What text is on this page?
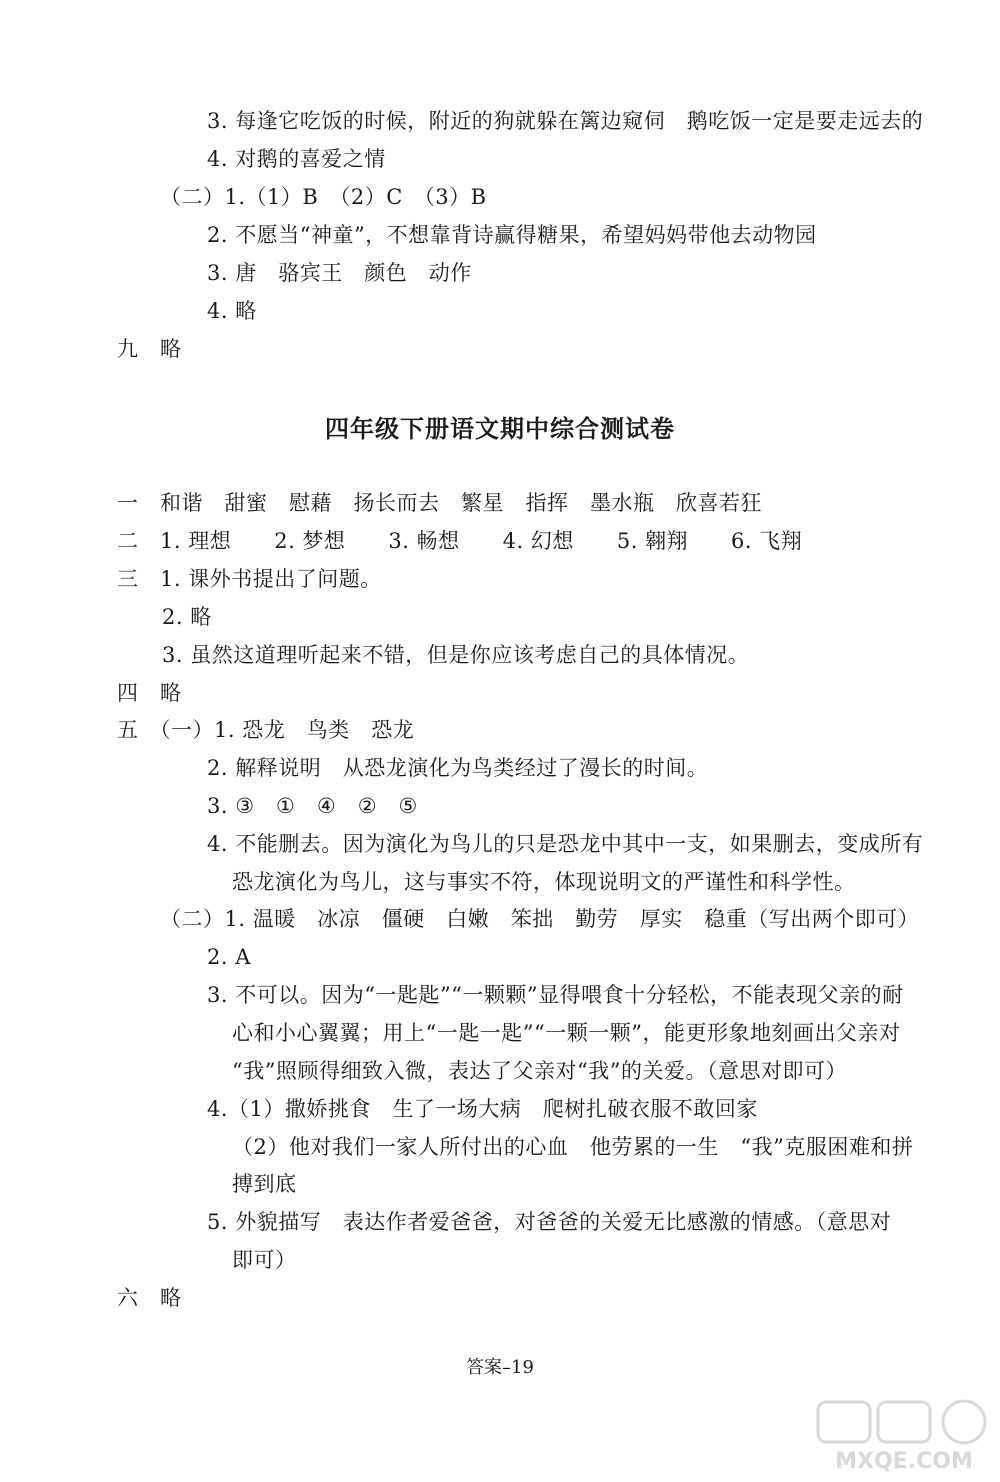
3. 每逢它吃饭的时候，附近的狗就躲在篱边窥伺　鹅吃饭一定是要走远去的
4. 对鹅的喜爱之情
（二）1.（1）B　（2）C　（3）B
2. 不愿当“神童”，不想靠背诗赢得糖果，希望妈妈带他去动物园
3. 唐　骆宾王　颜色　动作
4. 略
九　略
四年级下册语文期中综合测试卷
一　和谐　甜蜜　慰藉　扬长而去　繁星　指挥　墨水瓶　欣喜若狂
二　1. 理想　　2. 梦想　　3. 畅想　　4. 幻想　　5. 翱翔　　6. 飞翔
三　1. 课外书提出了问题。
2. 略
3. 虽然这道理听起来不错，但是你应该考虑自己的具体情况。
四　略
五　（一）1. 恐龙　鸟类　恐龙
2. 解释说明　从恐龙演化为鸟类经过了漫长的时间。
3. ③　①　④　②　⑤
4. 不能删去。因为演化为鸟儿的只是恐龙中其中一支，如果删去，变成所有
恐龙演化为鸟儿，这与事实不符，体现说明文的严谨性和科学性。
（二）1. 温暖　冰凉　僵硬　白嫩　笨拙　勤劳　厚实　稳重（写出两个即可）
2. A
3. 不可以。因为“一匙匙”“一颗颗”显得喂食十分轻松，不能表现父亲的耐
心和小心翼翼；用上“一匙一匙”“一颗一颗”，能更形象地刻画出父亲对
“我”照顾得细致入微，表达了父亲对“我”的关爱。（意思对即可）
4.（1）撒娇挑食　生了一场大病　爬树扎破衣服不敢回家
（2）他对我们一家人所付出的心血　他劳累的一生　“我”克服困难和拼
搏到底
5. 外貌描写　表达作者爱爸爸，对爸爸的关爱无比感激的情感。（意思对
即可）
六　略
答案–19
MXQE.COM
